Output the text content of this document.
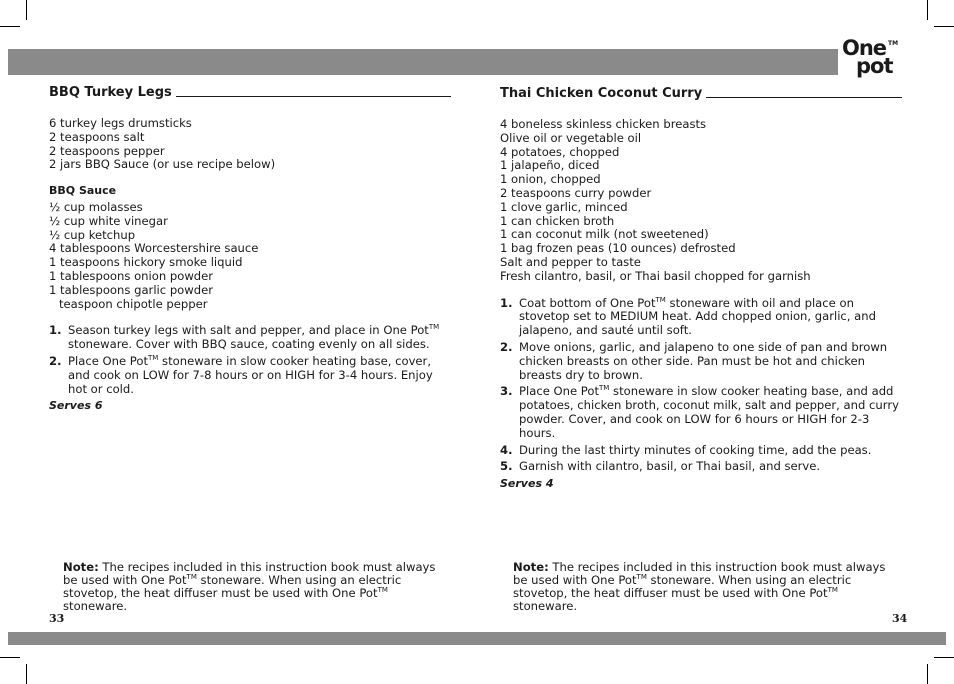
One TM
pot
BBQ Turkey Legs
6 turkey legs drumsticks
2 teaspoons salt
2 teaspoons pepper
2 jars BBQ Sauce (or use recipe below)
BBQ Sauce
½ cup molasses
½ cup white vinegar
½ cup ketchup
4 tablespoons Worcestershire sauce
1 teaspoons hickory smoke liquid
1 tablespoons onion powder
1 tablespoons garlic powder
teaspoon chipotle pepper
1. Season turkey legs with salt and pepper, and place in One Pot™ stoneware. Cover with BBQ sauce, coating evenly on all sides.
2. Place One Pot™ stoneware in slow cooker heating base, cover, and cook on LOW for 7-8 hours or on HIGH for 3-4 hours. Enjoy hot or cold.
Serves 6
Note: The recipes included in this instruction book must always be used with One Pot™ stoneware. When using an electric stovetop, the heat diffuser must be used with One Pot™ stoneware.
33
Thai Chicken Coconut Curry
4 boneless skinless chicken breasts
Olive oil or vegetable oil
4 potatoes, chopped
1 jalapeño, diced
1 onion, chopped
2 teaspoons curry powder
1 clove garlic, minced
1 can chicken broth
1 can coconut milk (not sweetened)
1 bag frozen peas (10 ounces) defrosted
Salt and pepper to taste
Fresh cilantro, basil, or Thai basil chopped for garnish
1. Coat bottom of One Pot™ stoneware with oil and place on stovetop set to MEDIUM heat. Add chopped onion, garlic, and jalapeno, and sauté until soft.
2. Move onions, garlic, and jalapeno to one side of pan and brown chicken breasts on other side. Pan must be hot and chicken breasts dry to brown.
3. Place One Pot™ stoneware in slow cooker heating base, and add potatoes, chicken broth, coconut milk, salt and pepper, and curry powder. Cover, and cook on LOW for 6 hours or HIGH for 2-3 hours.
4. During the last thirty minutes of cooking time, add the peas.
5. Garnish with cilantro, basil, or Thai basil, and serve.
Serves 4
Note: The recipes included in this instruction book must always be used with One Pot™ stoneware. When using an electric stovetop, the heat diffuser must be used with One Pot™ stoneware.
34
